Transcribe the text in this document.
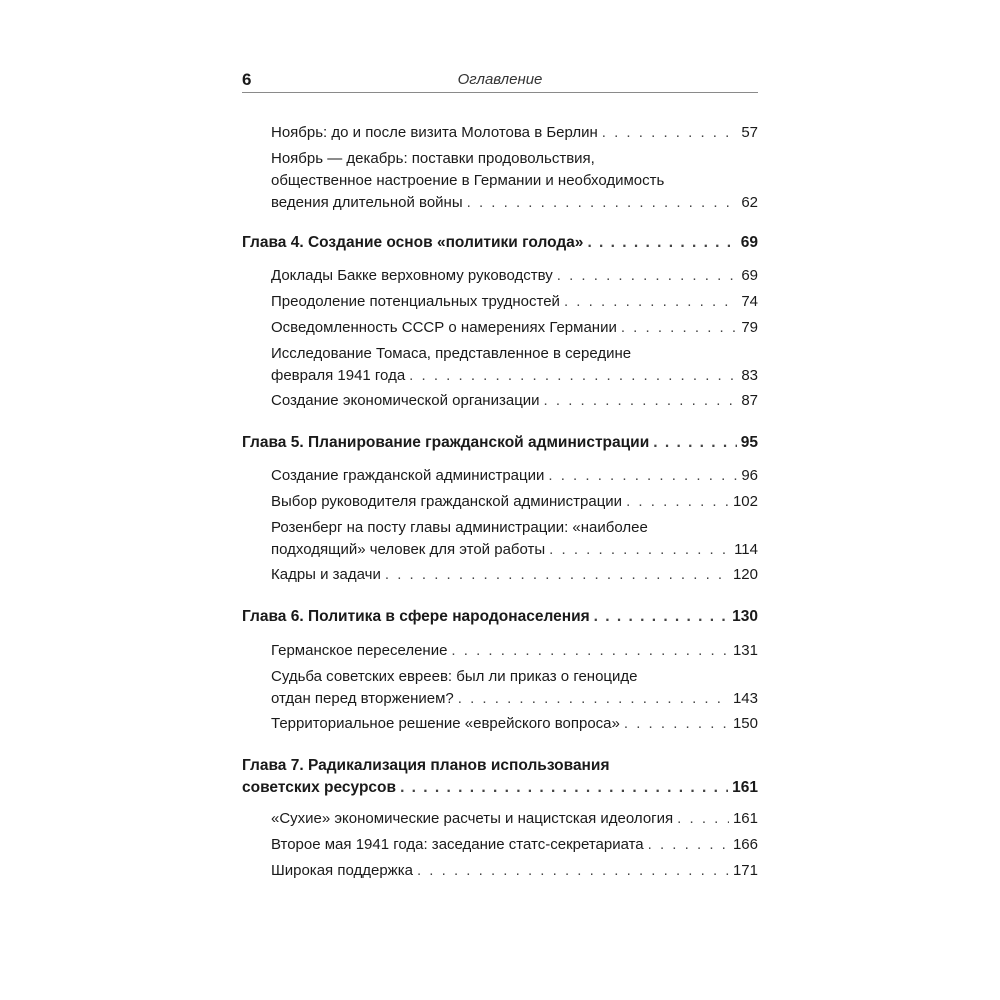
6	Оглавление
Ноябрь: до и после визита Молотова в Берлин . . .	57
Ноябрь — декабрь: поставки продовольствия,
общественное настроение в Германии и необходимость
ведения длительной войны . . .	62
Глава 4. Создание основ «политики голода» . . .	69
Доклады Бакке верховному руководству . . .	69
Преодоление потенциальных трудностей . . .	74
Осведомленность СССР о намерениях Германии . . .	79
Исследование Томаса, представленное в середине
февраля 1941 года . . .	83
Создание экономической организации . . .	87
Глава 5. Планирование гражданской администрации . . .	95
Создание гражданской администрации . . .	96
Выбор руководителя гражданской администрации . . .	102
Розенберг на посту главы администрации: «наиболее
подходящий» человек для этой работы . . .	114
Кадры и задачи . . .	120
Глава 6. Политика в сфере народонаселения . . .	130
Германское переселение . . .	131
Судьба советских евреев: был ли приказ о геноциде
отдан перед вторжением? . . .	143
Территориальное решение «еврейского вопроса» . . .	150
Глава 7. Радикализация планов использования
советских ресурсов . . .	161
«Сухие» экономические расчеты и нацистская идеология . . .	161
Второе мая 1941 года: заседание статс-секретариата . . .	166
Широкая поддержка . . .	171
